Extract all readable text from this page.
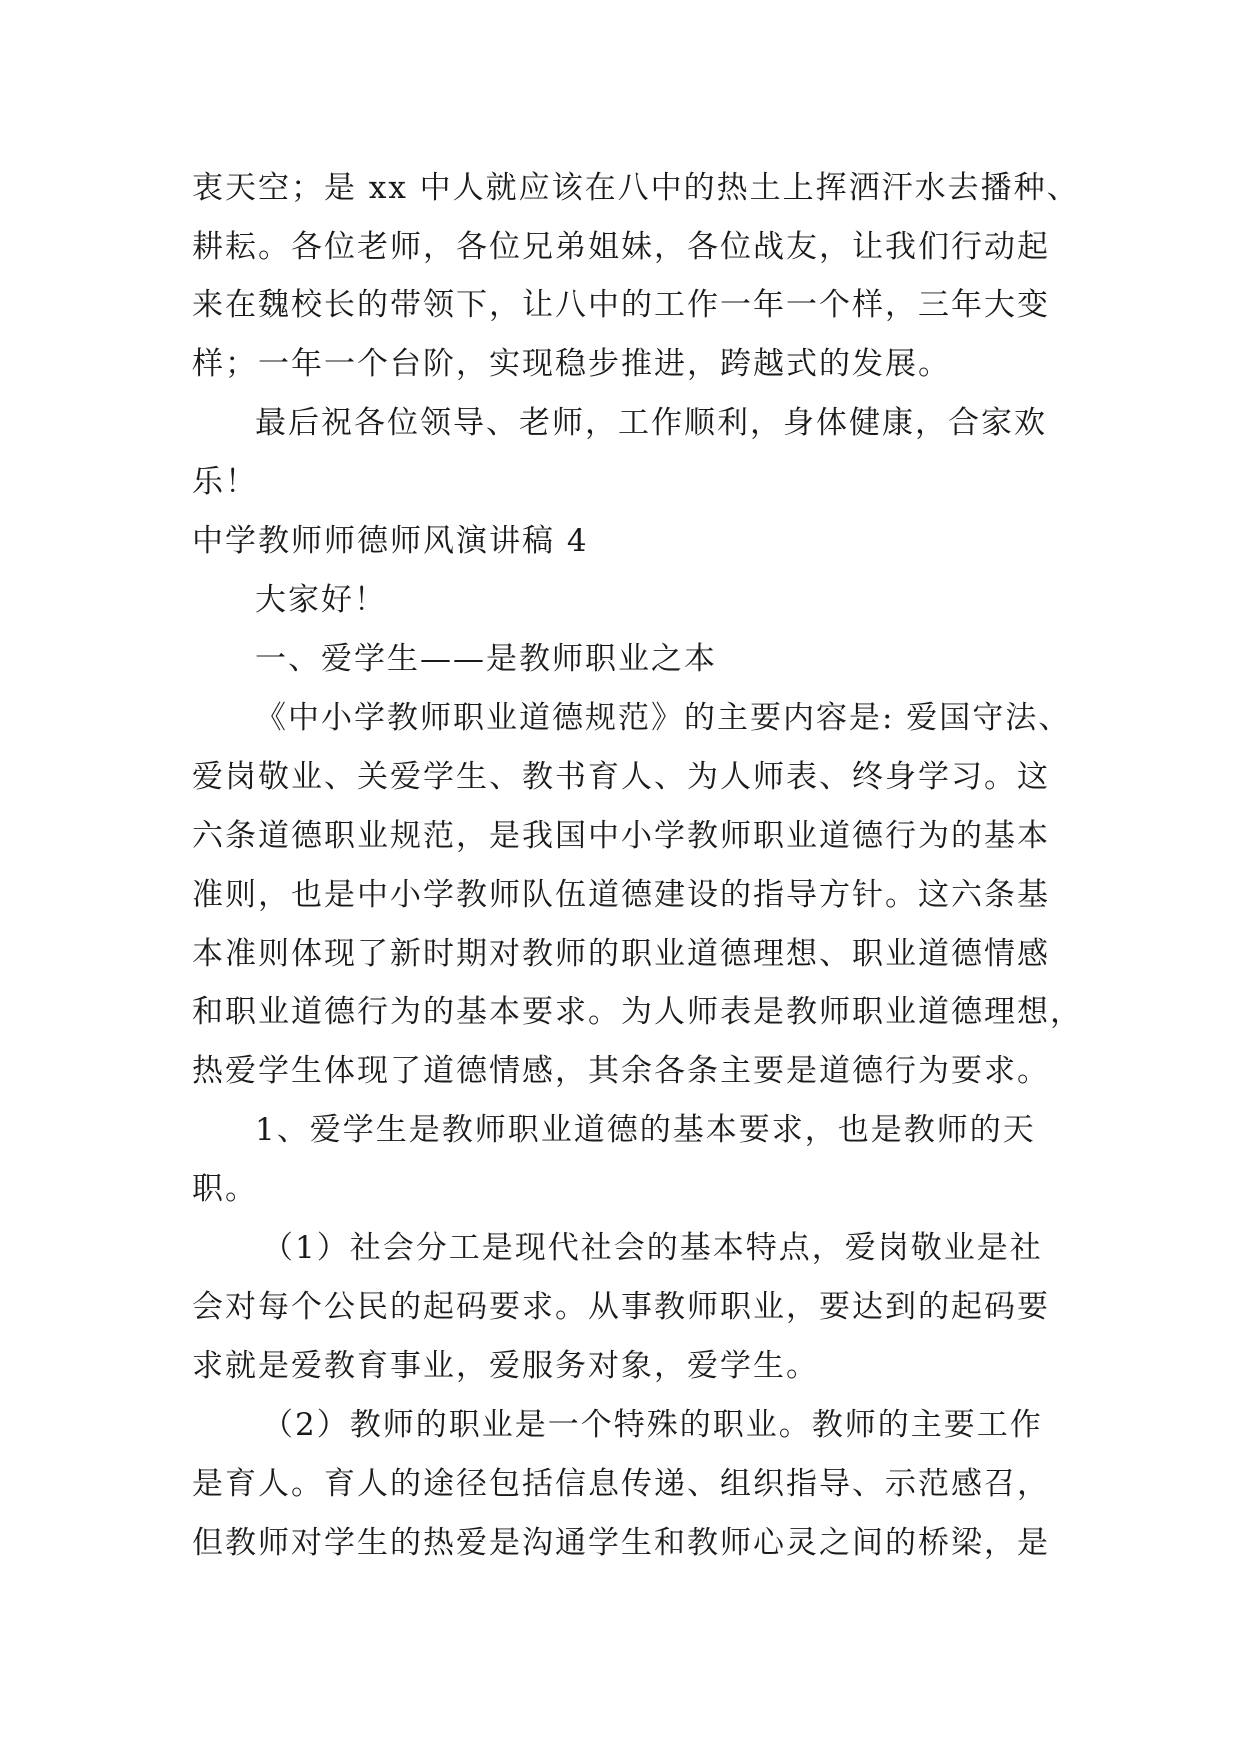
衷天空；是 xx 中人就应该在八中的热土上挥洒汗水去播种、
耕耘。各位老师，各位兄弟姐妹，各位战友，让我们行动起
来在魏校长的带领下，让八中的工作一年一个样，三年大变
样；一年一个台阶，实现稳步推进，跨越式的发展。
最后祝各位领导、老师，工作顺利，身体健康，合家欢
乐！
中学教师师德师风演讲稿 4
大家好！
一、爱学生——是教师职业之本
《中小学教师职业道德规范》的主要内容是: 爱国守法、
爱岗敬业、关爱学生、教书育人、为人师表、终身学习。这
六条道德职业规范，是我国中小学教师职业道德行为的基本
准则，也是中小学教师队伍道德建设的指导方针。这六条基
本准则体现了新时期对教师的职业道德理想、职业道德情感
和职业道德行为的基本要求。为人师表是教师职业道德理想，
热爱学生体现了道德情感，其余各条主要是道德行为要求。
1、爱学生是教师职业道德的基本要求，也是教师的天
职。
（1）社会分工是现代社会的基本特点，爱岗敬业是社
会对每个公民的起码要求。从事教师职业，要达到的起码要
求就是爱教育事业，爱服务对象，爱学生。
（2）教师的职业是一个特殊的职业。教师的主要工作
是育人。育人的途径包括信息传递、组织指导、示范感召，
但教师对学生的热爱是沟通学生和教师心灵之间的桥梁，是
